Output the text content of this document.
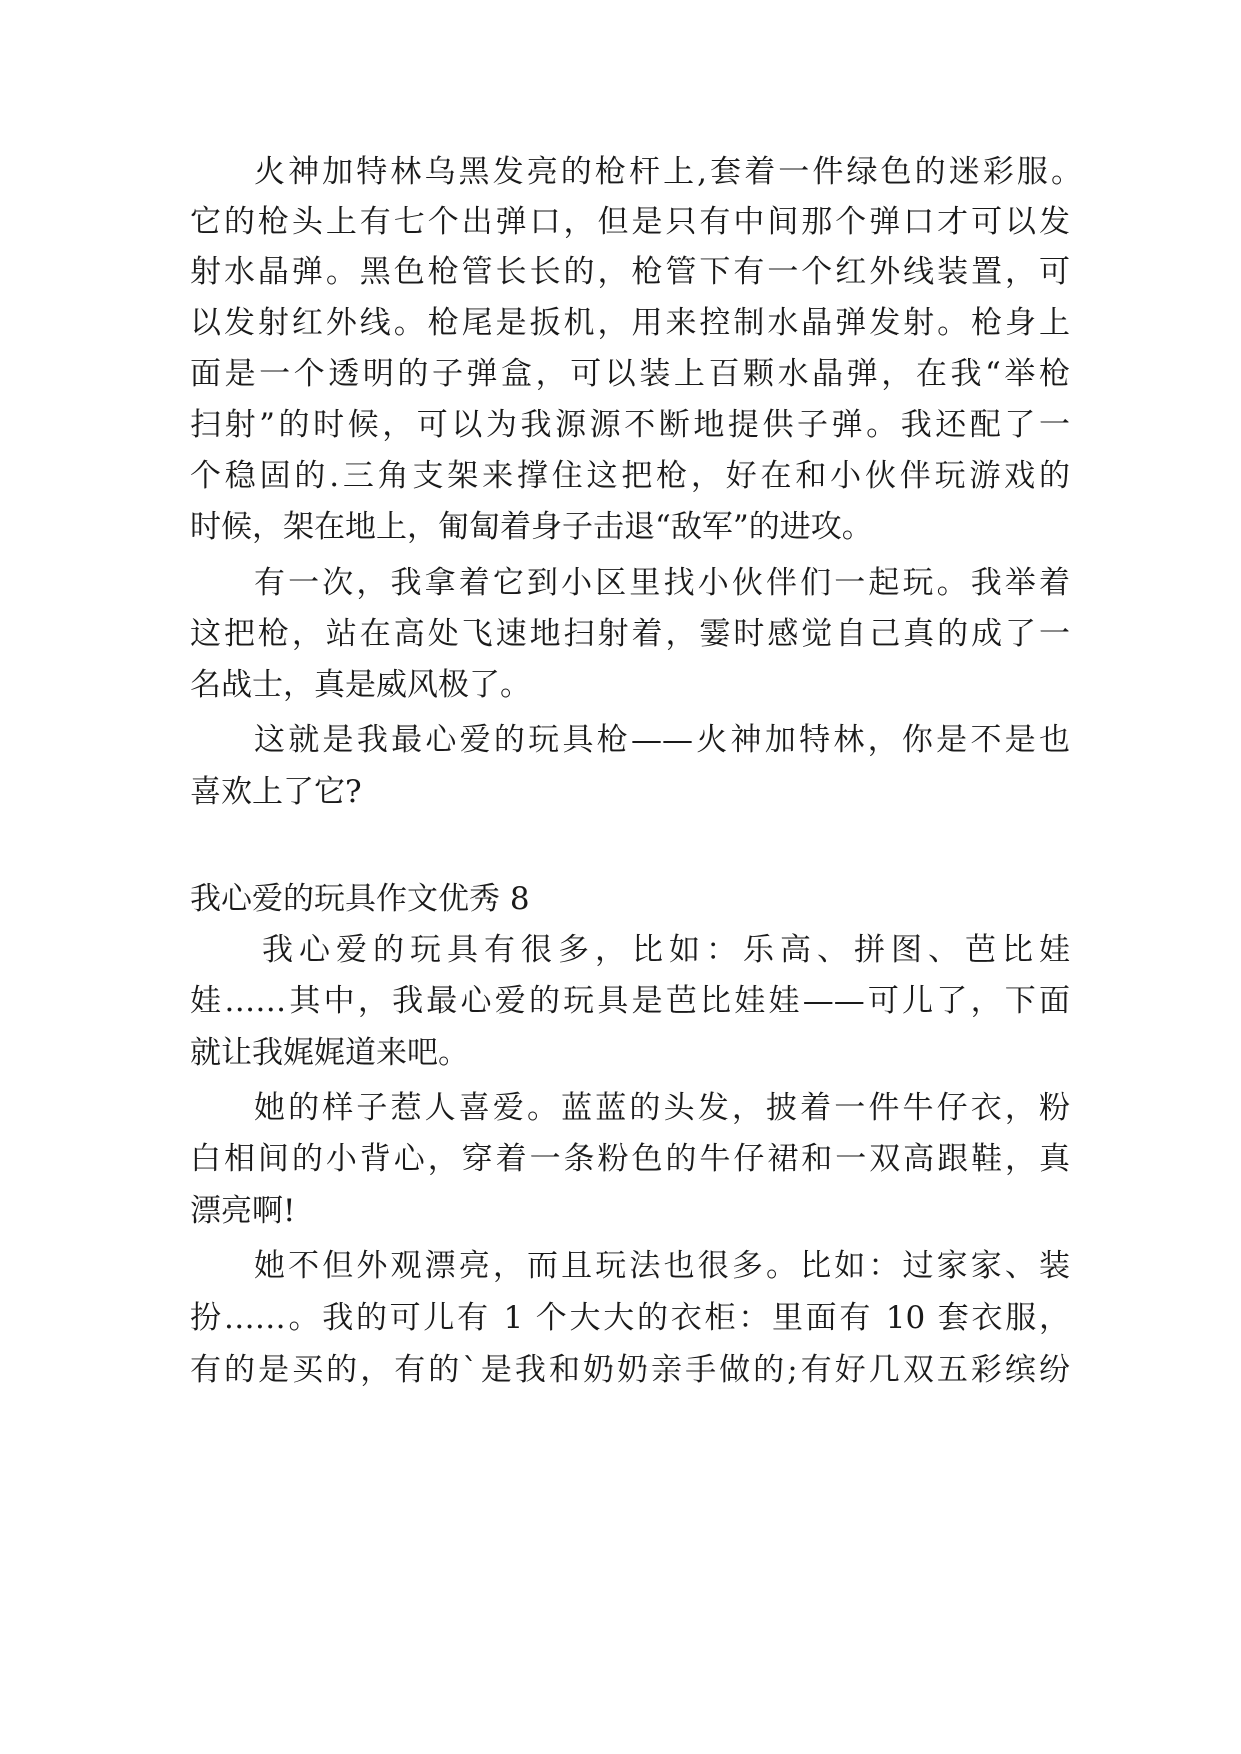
火神加特林乌黑发亮的枪杆上,套着一件绿色的迷彩服。
它的枪头上有七个出弹口，但是只有中间那个弹口才可以发
射水晶弹。黑色枪管长长的，枪管下有一个红外线装置，可
以发射红外线。枪尾是扳机，用来控制水晶弹发射。枪身上
面是一个透明的子弹盒，可以装上百颗水晶弹，在我“举枪
扫射”的时候，可以为我源源不断地提供子弹。我还配了一
个稳固的.三角支架来撑住这把枪，好在和小伙伴玩游戏的
时候，架在地上，匍匐着身子击退“敌军”的进攻。
有一次，我拿着它到小区里找小伙伴们一起玩。我举着
这把枪，站在高处飞速地扫射着，霎时感觉自己真的成了一
名战士，真是威风极了。
这就是我最心爱的玩具枪——火神加特林，你是不是也
喜欢上了它?
我心爱的玩具作文优秀 8
我心爱的玩具有很多，比如：乐高、拼图、芭比娃
娃……其中，我最心爱的玩具是芭比娃娃——可儿了，下面
就让我娓娓道来吧。
她的样子惹人喜爱。蓝蓝的头发，披着一件牛仔衣，粉
白相间的小背心，穿着一条粉色的牛仔裙和一双高跟鞋，真
漂亮啊!
她不但外观漂亮，而且玩法也很多。比如：过家家、装
扮……。我的可儿有 1 个大大的衣柜：里面有 10 套衣服，
有的是买的，有的`是我和奶奶亲手做的;有好几双五彩缤纷
